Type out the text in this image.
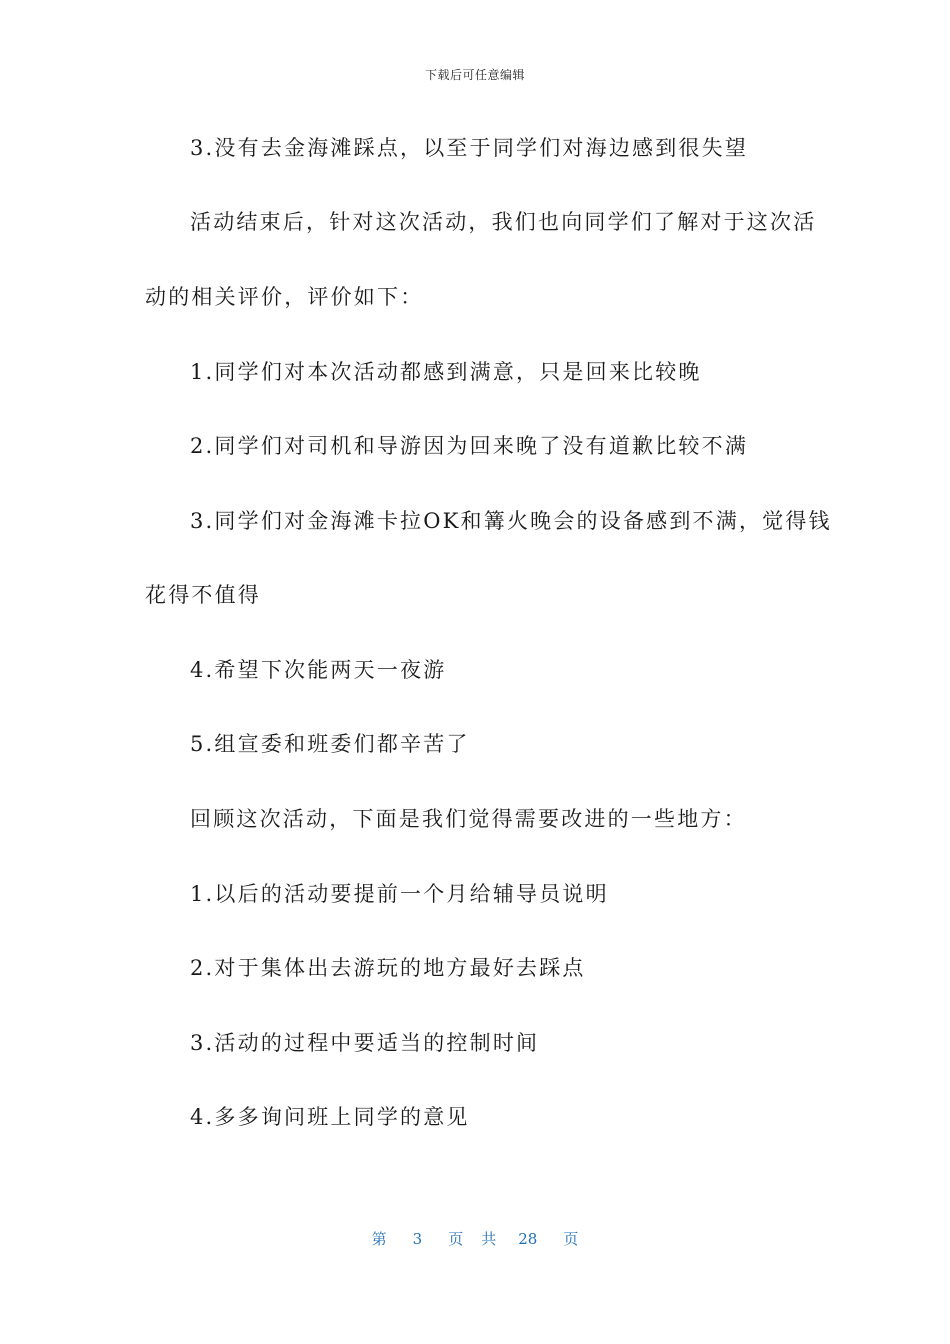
下载后可任意编辑
3.没有去金海滩踩点，以至于同学们对海边感到很失望
活动结束后，针对这次活动，我们也向同学们了解对于这次活
动的相关评价，评价如下：
1.同学们对本次活动都感到满意，只是回来比较晚
2.同学们对司机和导游因为回来晚了没有道歉比较不满
3.同学们对金海滩卡拉OK和篝火晚会的设备感到不满，觉得钱
花得不值得
4.希望下次能两天一夜游
5.组宣委和班委们都辛苦了
回顾这次活动，下面是我们觉得需要改进的一些地方：
1.以后的活动要提前一个月给辅导员说明
2.对于集体出去游玩的地方最好去踩点
3.活动的过程中要适当的控制时间
4.多多询问班上同学的意见
第 3 页 共 28 页
